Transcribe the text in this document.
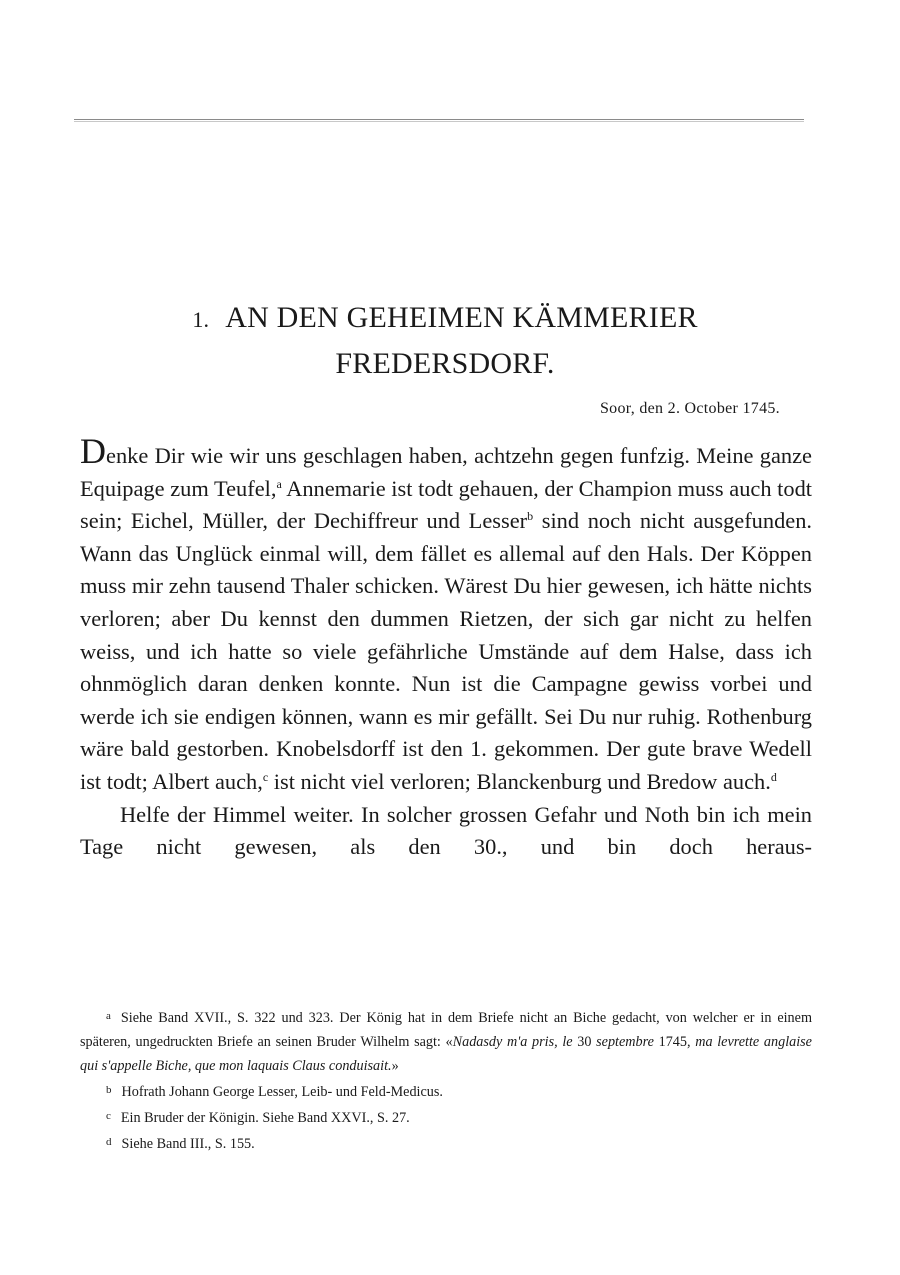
1. AN DEN GEHEIMEN KÄMMERIER
FREDERSDORF.
Soor, den 2. October 1745.

Denke Dir wie wir uns geschlagen haben, achtzehn gegen funfzig. Meine ganze Equipage zum Teufel,$^a$ Annemarie ist todt gehauen, der Champion muss auch todt sein; Eichel, Müller, der Dechiffreur und Lesser$^b$ sind noch nicht ausgefunden. Wann das Unglück einmal will, dem fället es allemal auf den Hals. Der Köppen muss mir zehn tausend Thaler schicken. Wärest Du hier gewesen, ich hätte nichts verloren; aber Du kennst den dummen Rietzen, der sich gar nicht zu helfen weiss, und ich hatte so viele gefährliche Umstände auf dem Halse, dass ich ohnmöglich daran denken konnte. Nun ist die Campagne gewiss vorbei und werde ich sie endigen können, wann es mir gefällt. Sei Du nur ruhig. Rothenburg wäre bald gestorben. Knobelsdorff ist den 1. gekommen. Der gute brave Wedell ist todt; Albert auch,$^c$ ist nicht viel verloren; Blanckenburg und Bredow auch.$^d$

Helfe der Himmel weiter. In solcher grossen Gefahr und Noth bin ich mein Tage nicht gewesen, als den 30., und bin doch heraus-

$^a$ Siehe Band XVII., S. 322 und 323. Der König hat in dem Briefe nicht an Biche gedacht, von welcher er in einem späteren, ungedruckten Briefe an seinen Bruder Wilhelm sagt: «Nadasdy m'a pris, le 30 septembre 1745, ma levrette anglaise qui s'appelle Biche, que mon laquais Claus conduisait.»

$^b$ Hofrath Johann George Lesser, Leib- und Feld-Medicus.

$^c$ Ein Bruder der Königin. Siehe Band XXVI., S. 27.

$^d$ Siehe Band III., S. 155.
